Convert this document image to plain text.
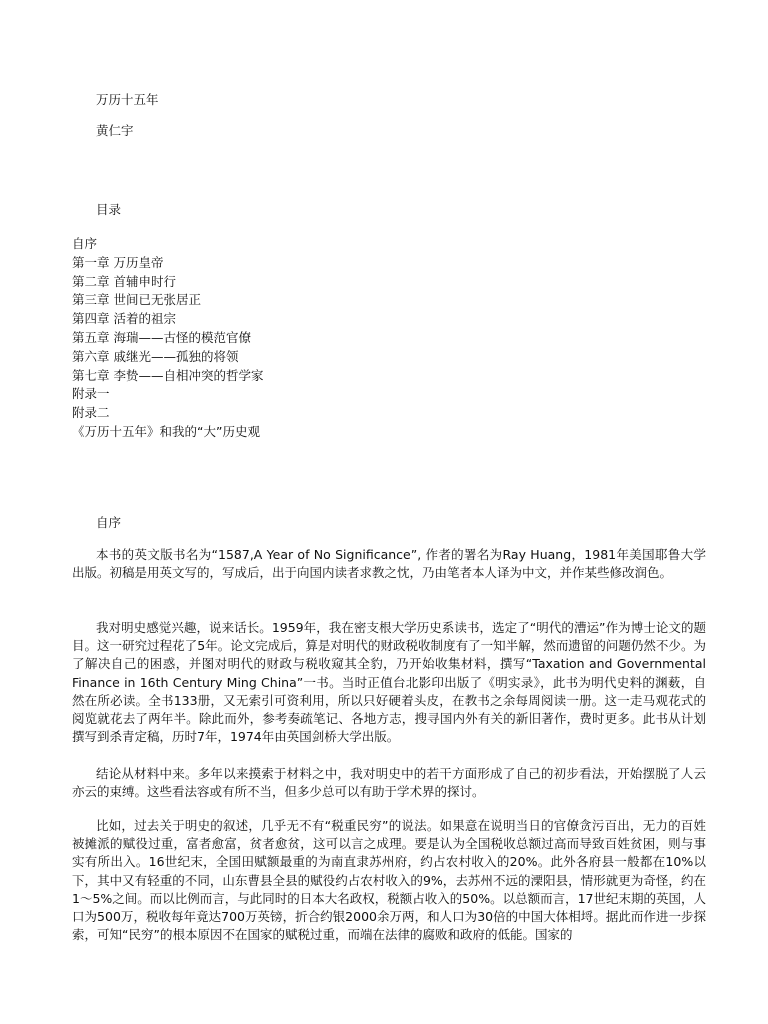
万历十五年
黄仁宇
目录
自序
第一章 万历皇帝
第二章 首辅申时行
第三章 世间已无张居正
第四章 活着的祖宗
第五章 海瑞——古怪的模范官僚
第六章 戚继光——孤独的将领
第七章 李贽——自相冲突的哲学家
附录一
附录二
《万历十五年》和我的“大”历史观
自序

本书的英文版书名为“1587,A Year of No Significance”, 作者的署名为Ray Huang，1981年美国耶鲁大学出版。初稿是用英文写的，写成后，出于向国内读者求教之忱，乃由笔者本人译为中文，并作某些修改润色。

我对明史感觉兴趣，说来话长。1959年，我在密支根大学历史系读书，选定了“明代的漕运”作为博士论文的题目。这一研究过程花了5年。论文完成后，算是对明代的财政税收制度有了一知半解，然而遗留的问题仍然不少。为了解决自己的困惑，并图对明代的财政与税收窥其全豹，乃开始收集材料，撰写“Taxation and Governmental Finance in 16th Century Ming China”一书。当时正值台北影印出版了《明实录》，此书为明代史料的渊薮，自然在所必读。全书133册，又无索引可资利用，所以只好硬着头皮，在教书之余每周阅读一册。这一走马观花式的阅览就花去了两年半。除此而外，参考奏疏笔记、各地方志，搜寻国内外有关的新旧著作，费时更多。此书从计划撰写到杀青定稿，历时7年，1974年由英国剑桥大学出版。

结论从材料中来。多年以来摸索于材料之中，我对明史中的若干方面形成了自己的初步看法，开始摆脱了人云亦云的束缚。这些看法容或有所不当，但多少总可以有助于学术界的探讨。

比如，过去关于明史的叙述，几乎无不有“税重民穷”的说法。如果意在说明当日的官僚贪污百出，无力的百姓被摊派的赋役过重，富者愈富，贫者愈贫，这可以言之成理。要是认为全国税收总额过高而导致百姓贫困，则与事实有所出入。16世纪末，全国田赋额最重的为南直隶苏州府，约占农村收入的20%。此外各府县一般都在10%以下，其中又有轻重的不同，山东曹县全县的赋役约占农村收入的9%，去苏州不远的溧阳县，情形就更为奇怪，约在1～5%之间。而以比例而言，与此同时的日本大名政权，税额占收入的50%。以总额而言，17世纪末期的英国，人口为500万，税收每年竟达700万英镑，折合约银2000余万两，和人口为30倍的中国大体相埒。据此而作进一步探索，可知“民穷”的根本原因不在国家的赋税过重，而端在法律的腐败和政府的低能。国家的
